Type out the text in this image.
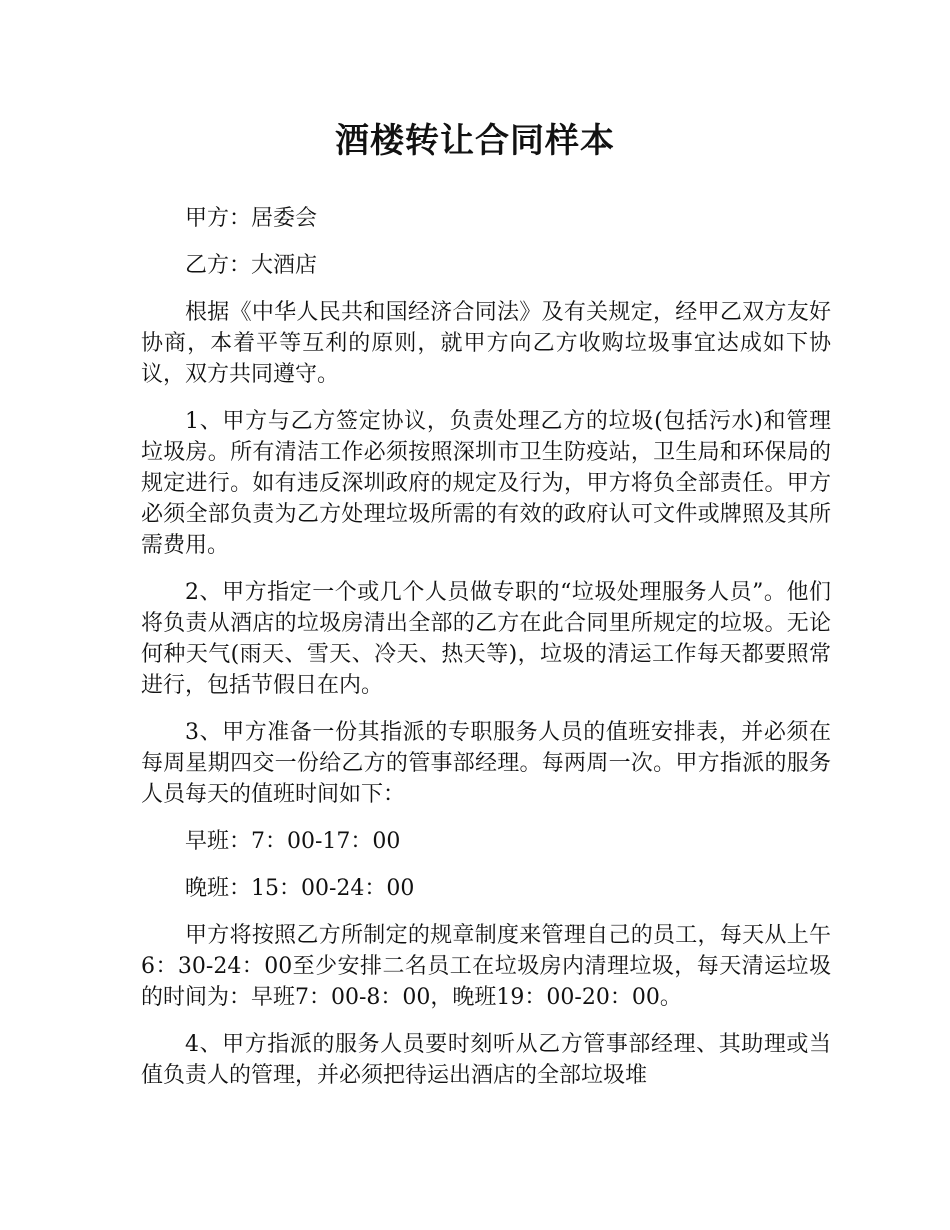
酒楼转让合同样本

甲方：居委会

乙方：大酒店

根据《中华人民共和国经济合同法》及有关规定，经甲乙双方友好协商，本着平等互利的原则，就甲方向乙方收购垃圾事宜达成如下协议，双方共同遵守。

1、甲方与乙方签定协议，负责处理乙方的垃圾(包括污水)和管理垃圾房。所有清洁工作必须按照深圳市卫生防疫站，卫生局和环保局的规定进行。如有违反深圳政府的规定及行为，甲方将负全部责任。甲方必须全部负责为乙方处理垃圾所需的有效的政府认可文件或牌照及其所需费用。

2、甲方指定一个或几个人员做专职的“垃圾处理服务人员”。他们将负责从酒店的垃圾房清出全部的乙方在此合同里所规定的垃圾。无论何种天气(雨天、雪天、冷天、热天等)，垃圾的清运工作每天都要照常进行，包括节假日在内。

3、甲方准备一份其指派的专职服务人员的值班安排表，并必须在每周星期四交一份给乙方的管事部经理。每两周一次。甲方指派的服务人员每天的值班时间如下：

早班：7：00-17：00

晚班：15：00-24：00

甲方将按照乙方所制定的规章制度来管理自己的员工，每天从上午6：30-24：00至少安排二名员工在垃圾房内清理垃圾，每天清运垃圾的时间为：早班7：00-8：00，晚班19：00-20：00。

4、甲方指派的服务人员要时刻听从乙方管事部经理、其助理或当值负责人的管理，并必须把待运出酒店的全部垃圾堆
